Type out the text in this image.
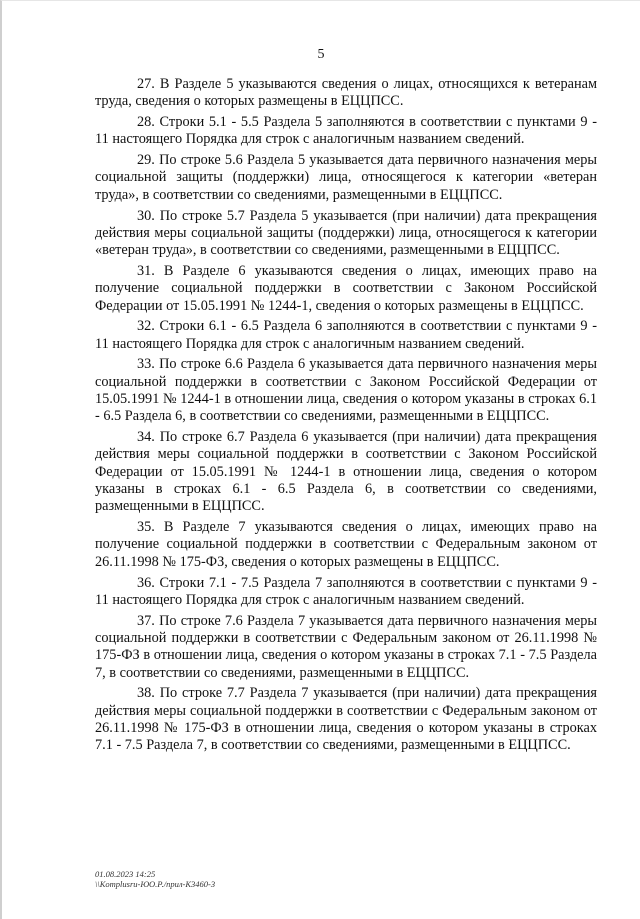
5

27. В Разделе 5 указываются сведения о лицах, относящихся к ветеранам труда, сведения о которых размещены в ЕЦЦПСС.

28. Строки 5.1 - 5.5 Раздела 5 заполняются в соответствии с пунктами 9 - 11 настоящего Порядка для строк с аналогичным названием сведений.

29. По строке 5.6 Раздела 5 указывается дата первичного назначения меры социальной защиты (поддержки) лица, относящегося к категории «ветеран труда», в соответствии со сведениями, размещенными в ЕЦЦПСС.

30. По строке 5.7 Раздела 5 указывается (при наличии) дата прекращения действия меры социальной защиты (поддержки) лица, относящегося к категории «ветеран труда», в соответствии со сведениями, размещенными в ЕЦЦПСС.

31. В Разделе 6 указываются сведения о лицах, имеющих право на получение социальной поддержки в соответствии с Законом Российской Федерации от 15.05.1991 № 1244-1, сведения о которых размещены в ЕЦЦПСС.

32. Строки 6.1 - 6.5 Раздела 6 заполняются в соответствии с пунктами 9 - 11 настоящего Порядка для строк с аналогичным названием сведений.

33. По строке 6.6 Раздела 6 указывается дата первичного назначения меры социальной поддержки в соответствии с Законом Российской Федерации от 15.05.1991 № 1244-1 в отношении лица, сведения о котором указаны в строках 6.1 - 6.5 Раздела 6, в соответствии со сведениями, размещенными в ЕЦЦПСС.

34. По строке 6.7 Раздела 6 указывается (при наличии) дата прекращения действия меры социальной поддержки в соответствии с Законом Российской Федерации от 15.05.1991 № 1244-1 в отношении лица, сведения о котором указаны в строках 6.1 - 6.5 Раздела 6, в соответствии со сведениями, размещенными в ЕЦЦПСС.

35. В Разделе 7 указываются сведения о лицах, имеющих право на получение социальной поддержки в соответствии с Федеральным законом от 26.11.1998 № 175-ФЗ, сведения о которых размещены в ЕЦЦПСС.

36. Строки 7.1 - 7.5 Раздела 7 заполняются в соответствии с пунктами 9 - 11 настоящего Порядка для строк с аналогичным названием сведений.

37. По строке 7.6 Раздела 7 указывается дата первичного назначения меры социальной поддержки в соответствии с Федеральным законом от 26.11.1998 № 175-ФЗ в отношении лица, сведения о котором указаны в строках 7.1 - 7.5 Раздела 7, в соответствии со сведениями, размещенными в ЕЦЦПСС.

38. По строке 7.7 Раздела 7 указывается (при наличии) дата прекращения действия меры социальной поддержки в соответствии с Федеральным законом от 26.11.1998 № 175-ФЗ в отношении лица, сведения о котором указаны в строках 7.1 - 7.5 Раздела 7, в соответствии со сведениями, размещенными в ЕЦЦПСС.

01.08.2023 14:25
\\Komplusru-ЮО.Р./прил-К3460-3
